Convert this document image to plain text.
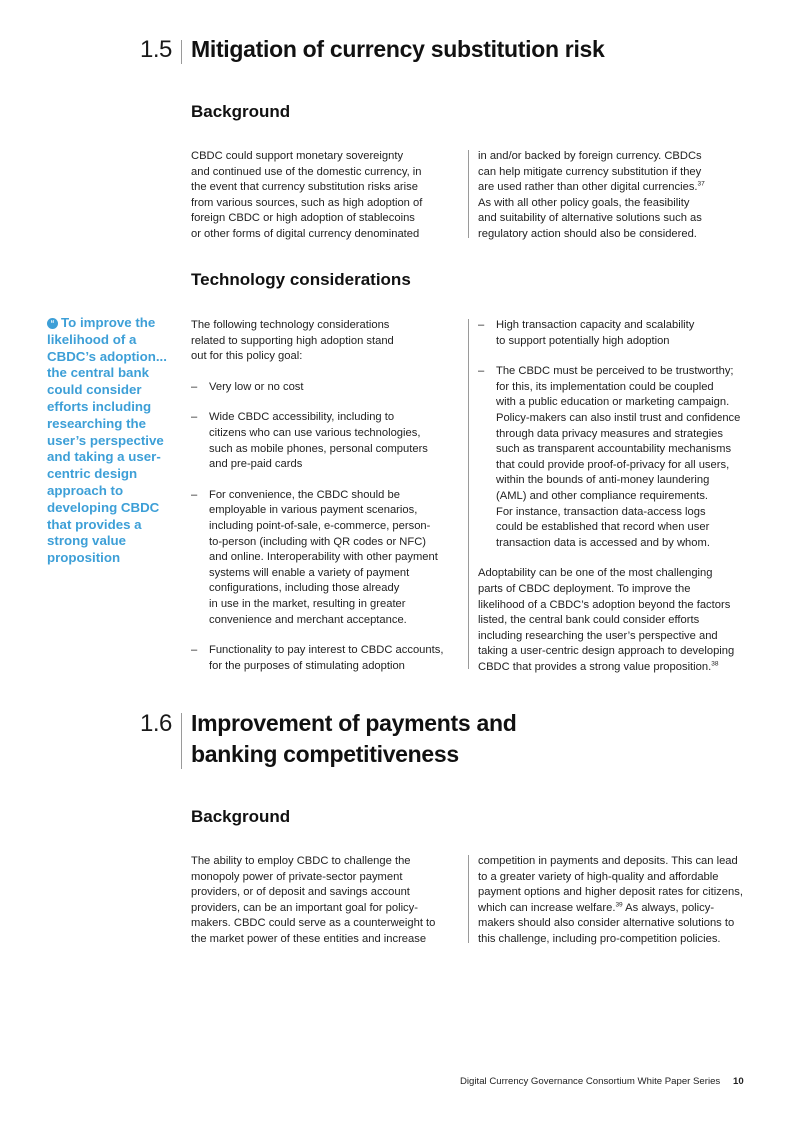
1.5 Mitigation of currency substitution risk
Background

CBDC could support monetary sovereignty

and continued use of the domestic currency, in

the event that currency substitution risks arise

from various sources, such as high adoption of

foreign CBDC or high adoption of stablecoins

or other forms of digital currency denominated

in and/or backed by foreign currency. CBDCs

can help mitigate currency substitution if they

are used rather than other digital currencies.$^{37}$

As with all other policy goals, the feasibility

and suitability of alternative solutions such as

regulatory action should also be considered.

Technology considerations
“ To improve the likelihood of a CBDC’s adoption... the central bank could consider efforts including researching the user’s perspective and taking a user-centric design approach to developing CBDC that provides a strong value proposition

The following technology considerations

related to supporting high adoption stand

out for this policy goal:

–	Very low or no cost

–	Wide CBDC accessibility, including to

citizens who can use various technologies,

such as mobile phones, personal computers

and pre-paid cards

–	For convenience, the CBDC should be

employable in various payment scenarios,

including point-of-sale, e-commerce, person-

to-person (including with QR codes or NFC)

and online. Interoperability with other payment

systems will enable a variety of payment

configurations, including those already

in use in the market, resulting in greater

convenience and merchant acceptance.

–	Functionality to pay interest to CBDC accounts,

for the purposes of stimulating adoption

–	High transaction capacity and scalability

to support potentially high adoption

–	The CBDC must be perceived to be trustworthy;

for this, its implementation could be coupled

with a public education or marketing campaign.

Policy-makers can also instil trust and confidence

through data privacy measures and strategies

such as transparent accountability mechanisms

that could provide proof-of-privacy for all users,

within the bounds of anti-money laundering

(AML) and other compliance requirements.

For instance, transaction data-access logs

could be established that record when user

transaction data is accessed and by whom.

Adoptability can be one of the most challenging

parts of CBDC deployment. To improve the

likelihood of a CBDC’s adoption beyond the factors

listed, the central bank could consider efforts

including researching the user’s perspective and

taking a user-centric design approach to developing

CBDC that provides a strong value proposition.$^{38}$

1.6 Improvement of payments and
banking competitiveness
Background

The ability to employ CBDC to challenge the

monopoly power of private-sector payment

providers, or of deposit and savings account

providers, can be an important goal for policy-

makers. CBDC could serve as a counterweight to

the market power of these entities and increase

competition in payments and deposits. This can lead

to a greater variety of high-quality and affordable

payment options and higher deposit rates for citizens,

which can increase welfare.$^{39}$ As always, policy-

makers should also consider alternative solutions to

this challenge, including pro-competition policies.

Digital Currency Governance Consortium White Paper Series 10
